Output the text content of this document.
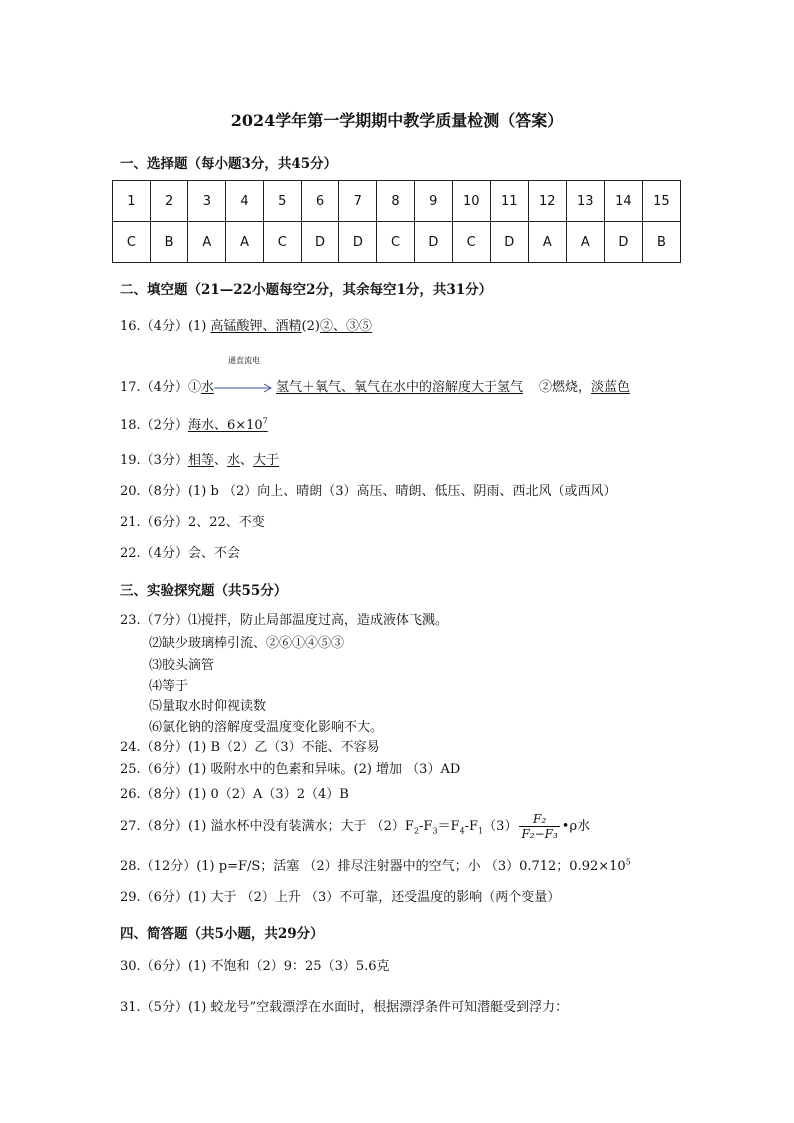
2024学年第一学期期中教学质量检测（答案）
一、选择题（每小题3分，共45分）
1	2	3	4	5	6	7	8	9	10	11	12	13	14	15
C	B	A	A	C	D	D	C	D	C	D	A	A	D	B
二、填空题（21—22小题每空2分，其余每空1分，共31分）
16.（4分）(1) 高锰酸钾、酒精(2)②、③⑤
通直流电
17.（4分）①水	氢气＋氧气、氧气在水中的溶解度大于氢气 ②燃烧，淡蓝色
18.（2分）海水、$6\times 10^7$
19.（3分）相等、水、大于
20.（8分）(1) b （2）向上、晴朗（3）高压、晴朗、低压、阴雨、西北风（或西风）
21.（6分）2、22、不变
22.（4分）会、不会
三、实验探究题（共55分）
23.（7分）⑴搅拌，防止局部温度过高，造成液体飞溅。
⑵缺少玻璃棒引流、②⑥①④⑤③
⑶胶头滴管
⑷等于
⑸量取水时仰视读数
⑹氯化钠的溶解度受温度变化影响不大。
24.（8分）(1) B（2）乙（3）不能、不容易
25.（6分）(1) 吸附水中的色素和异味。(2) 增加 （3）AD
26.（8分）(1) 0（2）A（3）2（4）B
27.（8分）(1) 溢水杯中没有装满水；大于 $(2)F_2-F_3=F_4-F_1(3) \frac{\text{F₂}}{\text{F₂−F₃}}$ •ρ水
28.（12分）(1) p=F/S；活塞 （2）排尽注射器中的空气；小 （3）0.712；$0.92\times 10^5$
29.（6分）(1) 大于 （2）上升 （3）不可靠，还受温度的影响（两个变量）
四、简答题（共5小题，共29分）
30.（6分）(1) 不饱和（2）9：25（3）5.6克
31.（5分）(1) 蛟龙号”空载漂浮在水面时，根据漂浮条件可知潜艇受到浮力：
